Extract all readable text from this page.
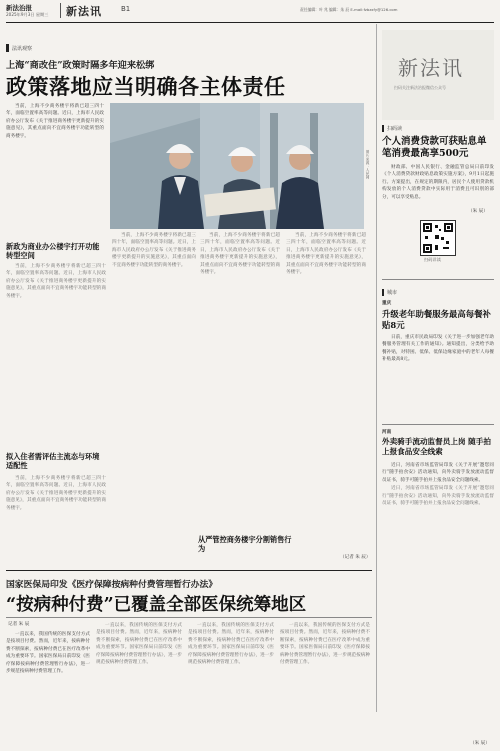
新法治报
2025年9月3日 星期三 新法讯	B1	责任编辑：叶 兆 编辑：朱 辰 E-mail:fzbzxfy@126.com
法讯观察
上海“商改住”政策时隔多年迎来松绑
政策落地应当明确各主体责任

当前，上海不少商务楼宇将新已超三四十年，面临空置率高等问题。近日，上海市人民政府办公厅发布《关于推进商务楼宇更新提升的实施意见》，其重点面向不宜商务楼宇功能转型的商务楼宇。

图片来源：人民网
新政为商业办公楼宇打开功能转型空间

当前，上海不少商务楼宇将新已超三四十年，面临空置率高等问题。近日，上海市人民政府办公厅发布《关于推进商务楼宇更新提升的实施意见》，其重点面向不宜商务楼宇功能转型的商务楼宇。

拟入住者需评估主流态与环境适配性

当前，上海不少商务楼宇将新已超三四十年，面临空置率高等问题。近日，上海市人民政府办公厅发布《关于推进商务楼宇更新提升的实施意见》，其重点面向不宜商务楼宇功能转型的商务楼宇。

当前，上海不少商务楼宇将新已超三四十年，面临空置率高等问题。近日，上海市人民政府办公厅发布《关于推进商务楼宇更新提升的实施意见》，其重点面向不宜商务楼宇功能转型的商务楼宇。

当前，上海不少商务楼宇将新已超三四十年，面临空置率高等问题。近日，上海市人民政府办公厅发布《关于推进商务楼宇更新提升的实施意见》，其重点面向不宜商务楼宇功能转型的商务楼宇。

从严管控商务楼宇分割销售行为

当前，上海不少商务楼宇将新已超三四十年，面临空置率高等问题。近日，上海市人民政府办公厅发布《关于推进商务楼宇更新提升的实施意见》，其重点面向不宜商务楼宇功能转型的商务楼宇。

（记者 朱 辰）
新法讯
扫码关注新法治报微信公众号
扫码读
个人消费贷款可获贴息单笔消费最高享500元

财政部、中国人民银行、金融监管总局日前印发《个人消费贷款财政贴息政策实施方案》，9月1日起施行。方案提出，在规定的期限内，居民个人使用贷款机构发放的个人消费贷款中实际用于消费且可识别的部分，可以享受贴息。

（朱 辰）
扫码详读
城市
重庆
升级老年助餐服务最高每餐补贴8元

日前，重庆市民政局印发《关于进一步加强老年助餐服务管理有关工作的通知》。通知提出，分类给予助餐补贴，对特困、低保、低保边缘家庭中的老年人每餐补贴最高8元。

河南
外卖骑手流动监督员上岗 随手拍上报食品安全线索

近日，河南省市场监管局印发《关于开展“邀您同行”随手拍食安》活动通知，向外卖骑手发放流动监督员证书，骑手可随手拍并上报食品安全问题线索。

近日，河南省市场监管局印发《关于开展“邀您同行”随手拍食安》活动通知，向外卖骑手发放流动监督员证书，骑手可随手拍并上报食品安全问题线索。

国家医保局印发《医疗保障按病种付费管理暂行办法》
“按病种付费”已覆盖全部医保统筹地区
记者 朱 辰

一直以来，我国传统的医保支付方式是按项目付费。然而，近年来，按病种付费不断探索，按病种付费已在医疗改革中成为重要环节。国家医保局日前印发《医疗保障按病种付费管理暂行办法》，进一步规范按病种付费管理工作。

一直以来，我国传统的医保支付方式是按项目付费。然而，近年来，按病种付费不断探索，按病种付费已在医疗改革中成为重要环节。国家医保局日前印发《医疗保障按病种付费管理暂行办法》，进一步规范按病种付费管理工作。

一直以来，我国传统的医保支付方式是按项目付费。然而，近年来，按病种付费不断探索，按病种付费已在医疗改革中成为重要环节。国家医保局日前印发《医疗保障按病种付费管理暂行办法》，进一步规范按病种付费管理工作。

一直以来，我国传统的医保支付方式是按项目付费。然而，近年来，按病种付费不断探索，按病种付费已在医疗改革中成为重要环节。国家医保局日前印发《医疗保障按病种付费管理暂行办法》，进一步规范按病种付费管理工作。

（朱 辰）
